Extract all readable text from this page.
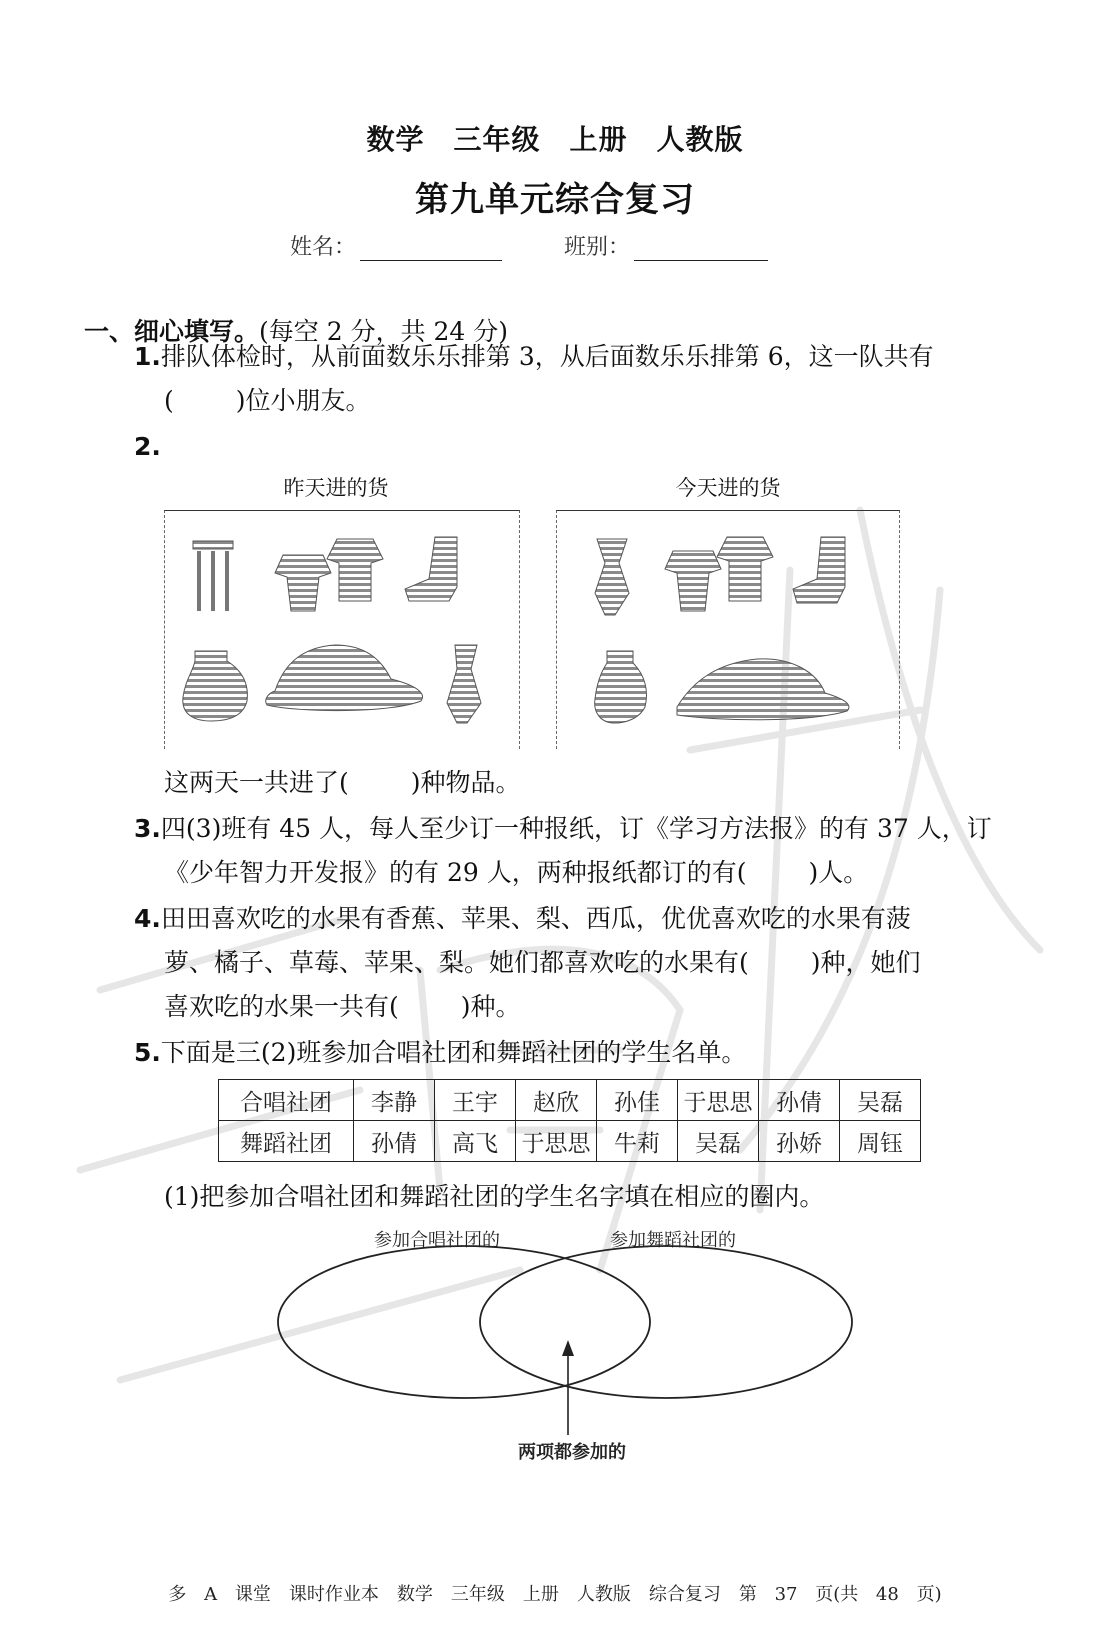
数学　三年级　上册　人教版
第九单元综合复习
姓名：	班别：
一、细心填写。(每空 2 分，共 24 分)
1.排队体检时，从前面数乐乐排第 3，从后面数乐乐排第 6，这一队共有
( )位小朋友。
2.
昨天进的货	今天进的货
这两天一共进了( )种物品。
3.四(3)班有 45 人，每人至少订一种报纸，订《学习方法报》的有 37 人，订
《少年智力开发报》的有 29 人，两种报纸都订的有( )人。
4.田田喜欢吃的水果有香蕉、苹果、梨、西瓜，优优喜欢吃的水果有菠
萝、橘子、草莓、苹果、梨。她们都喜欢吃的水果有( )种，她们
喜欢吃的水果一共有( )种。
5.下面是三(2)班参加合唱社团和舞蹈社团的学生名单。
合唱社团	李静	王宇	赵欣	孙佳	于思思	孙倩	吴磊
舞蹈社团	孙倩	高飞	于思思	牛莉	吴磊	孙娇	周钰
(1)把参加合唱社团和舞蹈社团的学生名字填在相应的圈内。
参加合唱社团的	参加舞蹈社团的
两项都参加的
多 A 课堂　课时作业本　数学　三年级　上册　人教版　综合复习　第 37 页(共 48 页)
